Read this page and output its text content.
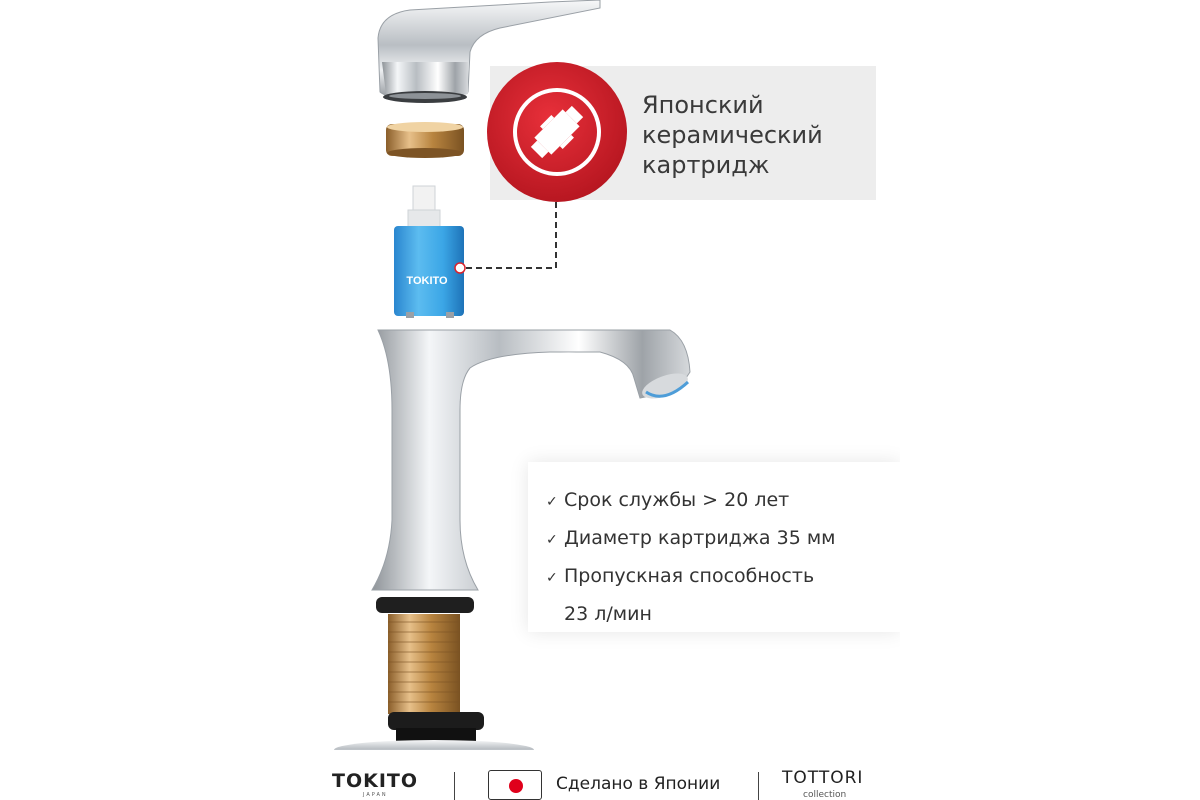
TOKITO
Японский
керамический
картридж
✓ Срок службы > 20 лет
✓ Диаметр картриджа 35 мм
✓ Пропускная способность
23 л/мин
TOKITO
JAPAN
Сделано в Японии	TOTTORI
collection
